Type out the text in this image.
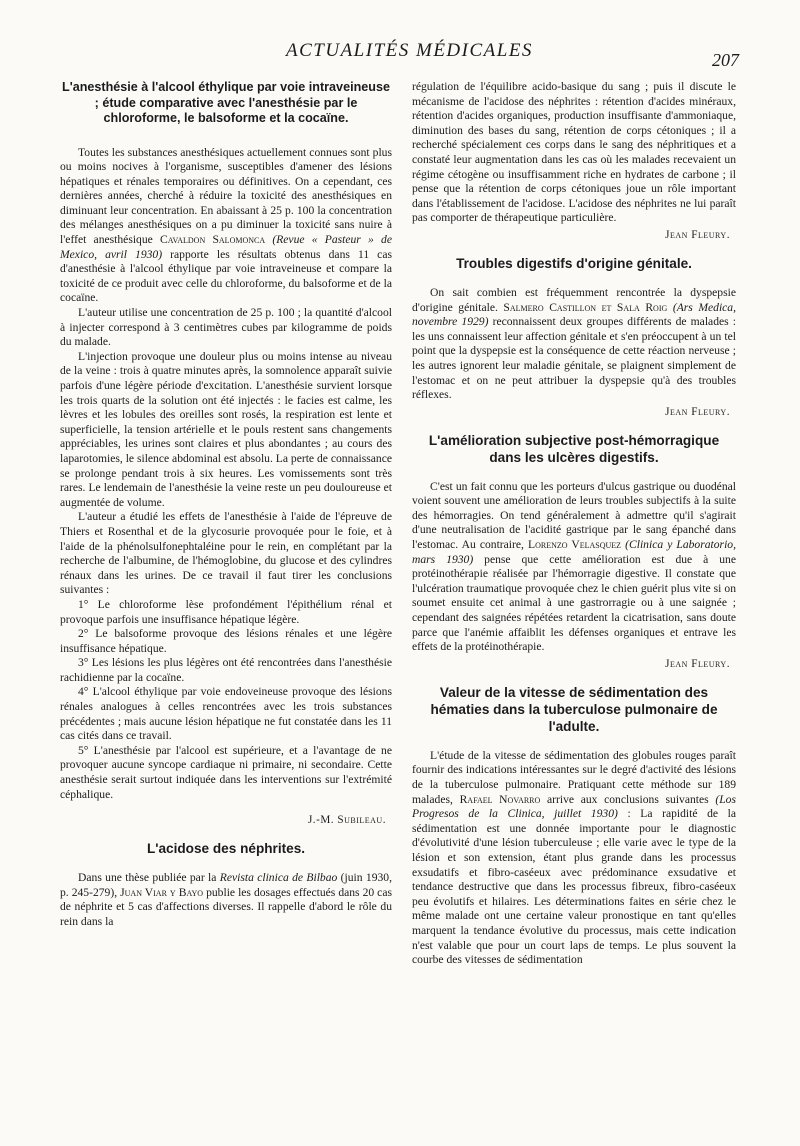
ACTUALITÉS MÉDICALES	207
L'anesthésie à l'alcool éthylique par voie intraveineuse ; étude comparative avec l'anesthésie par le chloroforme, le balsoforme et la cocaïne.

Toutes les substances anesthésiques actuellement connues sont plus ou moins nocives à l'organisme, susceptibles d'amener des lésions hépatiques et rénales temporaires ou définitives. On a cependant, ces dernières années, cherché à réduire la toxicité des anesthésiques en diminuant leur concentration. En abaissant à 25 p. 100 la concentration des mélanges anesthésiques on a pu diminuer la toxicité sans nuire à l'effet anesthésique Cavaldon Salomonca (Revue « Pasteur » de Mexico, avril 1930) rapporte les résultats obtenus dans 11 cas d'anesthésie à l'alcool éthylique par voie intraveineuse et compare la toxicité de ce produit avec celle du chloroforme, du balsoforme et de la cocaïne.

L'auteur utilise une concentration de 25 p. 100 ; la quantité d'alcool à injecter correspond à 3 centimètres cubes par kilogramme de poids du malade.

L'injection provoque une douleur plus ou moins intense au niveau de la veine : trois à quatre minutes après, la somnolence apparaît suivie parfois d'une légère période d'excitation. L'anesthésie survient lorsque les trois quarts de la solution ont été injectés : le facies est calme, les lèvres et les lobules des oreilles sont rosés, la respiration est lente et superficielle, la tension artérielle et le pouls restent sans changements appréciables, les urines sont claires et plus abondantes ; au cours des laparotomies, le silence abdominal est absolu. La perte de connaissance se prolonge pendant trois à six heures. Les vomissements sont très rares. Le lendemain de l'anesthésie la veine reste un peu douloureuse et augmentée de volume.

L'auteur a étudié les effets de l'anesthésie à l'aide de l'épreuve de Thiers et Rosenthal et de la glycosurie provoquée pour le foie, et à l'aide de la phénolsulfonephtaléine pour le rein, en complétant par la recherche de l'albumine, de l'hémoglobine, du glucose et des cylindres rénaux dans les urines. De ce travail il faut tirer les conclusions suivantes :

1° Le chloroforme lèse profondément l'épithélium rénal et provoque parfois une insuffisance hépatique légère.

2° Le balsoforme provoque des lésions rénales et une légère insuffisance hépatique.

3° Les lésions les plus légères ont été rencontrées dans l'anesthésie rachidienne par la cocaïne.

4° L'alcool éthylique par voie endoveineuse provoque des lésions rénales analogues à celles rencontrées avec les trois substances précédentes ; mais aucune lésion hépatique ne fut constatée dans les 11 cas cités dans ce travail.

5° L'anesthésie par l'alcool est supérieure, et a l'avantage de ne provoquer aucune syncope cardiaque ni primaire, ni secondaire. Cette anesthésie serait surtout indiquée dans les interventions sur l'extrémité céphalique.

J.-M. Subileau.
L'acidose des néphrites.

Dans une thèse publiée par la Revista clinica de Bilbao (juin 1930, p. 245-279), Juan Viar y Bayo publie les dosages effectués dans 20 cas de néphrite et 5 cas d'affections diverses. Il rappelle d'abord le rôle du rein dans la

régulation de l'équilibre acido-basique du sang ; puis il discute le mécanisme de l'acidose des néphrites : rétention d'acides minéraux, rétention d'acides organiques, production insuffisante d'ammoniaque, diminution des bases du sang, rétention de corps cétoniques ; il a recherché spécialement ces corps dans le sang des néphritiques et a constaté leur augmentation dans les cas où les malades recevaient un régime cétogène ou insuffisamment riche en hydrates de carbone ; il pense que la rétention de corps cétoniques joue un rôle important dans l'établissement de l'acidose. L'acidose des néphrites ne lui paraît pas comporter de thérapeutique particulière.

Jean Fleury.
Troubles digestifs d'origine génitale.

On sait combien est fréquemment rencontrée la dyspepsie d'origine génitale. Salmero Castillon et Sala Roig (Ars Medica, novembre 1929) reconnaissent deux groupes différents de malades : les uns connaissent leur affection génitale et s'en préoccupent à un tel point que la dyspepsie est la conséquence de cette réaction nerveuse ; les autres ignorent leur maladie génitale, se plaignent simplement de l'estomac et on ne peut attribuer la dyspepsie qu'à des troubles réflexes.

Jean Fleury.
L'amélioration subjective post-hémorragique dans les ulcères digestifs.

C'est un fait connu que les porteurs d'ulcus gastrique ou duodénal voient souvent une amélioration de leurs troubles subjectifs à la suite des hémorragies. On tend généralement à admettre qu'il s'agirait d'une neutralisation de l'acidité gastrique par le sang épanché dans l'estomac. Au contraire, Lorenzo Velasquez (Clinica y Laboratorio, mars 1930) pense que cette amélioration est due à une protéinothérapie réalisée par l'hémorragie digestive. Il constate que l'ulcération traumatique provoquée chez le chien guérit plus vite si on soumet ensuite cet animal à une gastrorragie ou à une saignée ; cependant des saignées répétées retardent la cicatrisation, sans doute parce que l'anémie affaiblit les défenses organiques et entrave les effets de la protéinothérapie.

Jean Fleury.
Valeur de la vitesse de sédimentation des hématies dans la tuberculose pulmonaire de l'adulte.

L'étude de la vitesse de sédimentation des globules rouges paraît fournir des indications intéressantes sur le degré d'activité des lésions de la tuberculose pulmonaire. Pratiquant cette méthode sur 189 malades, Rafael Novarro arrive aux conclusions suivantes (Los Progresos de la Clinica, juillet 1930) : La rapidité de la sédimentation est une donnée importante pour le diagnostic d'évolutivité d'une lésion tuberculeuse ; elle varie avec le type de la lésion et son extension, étant plus grande dans les processus exsudatifs et fibro-caséeux avec prédominance exsudative et tendance destructive que dans les processus fibreux, fibro-caséeux peu évolutifs et hilaires. Les déterminations faites en série chez le même malade ont une certaine valeur pronostique en tant qu'elles marquent la tendance évolutive du processus, mais cette indication n'est valable que pour un court laps de temps. Le plus souvent la courbe des vitesses de sédimentation
